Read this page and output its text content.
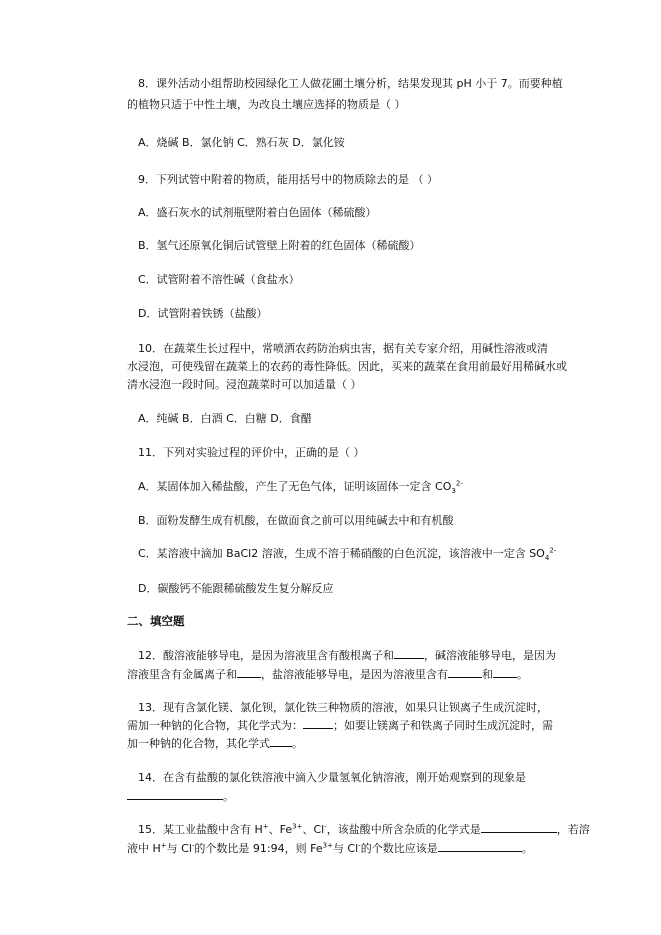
8．课外活动小组帮助校园绿化工人做花圃土壤分析，结果发现其 pH 小于 7。而要种植
的植物只适于中性土壤，为改良土壤应选择的物质是（ ）
A．烧碱 B．氯化钠 C．熟石灰 D．氯化铵
9．下列试管中附着的物质，能用括号中的物质除去的是 （ ）
A．盛石灰水的试剂瓶壁附着白色固体（稀硫酸）
B．氢气还原氧化铜后试管壁上附着的红色固体（稀硫酸）
C．试管附着不溶性碱（食盐水）
D．试管附着铁锈（盐酸）
10．在蔬菜生长过程中，常喷洒农药防治病虫害，据有关专家介绍，用碱性溶液或清
水浸泡，可使残留在蔬菜上的农药的毒性降低。因此，买来的蔬菜在食用前最好用稀碱水或
清水浸泡一段时间。浸泡蔬菜时可以加适量（ ）
A．纯碱 B．白酒 C．白糖 D．食醋
11．下列对实验过程的评价中，正确的是（ ）
A．某固体加入稀盐酸，产生了无色气体，证明该固体一定含 $CO_3^{2-}$
B．面粉发酵生成有机酸，在做面食之前可以用纯碱去中和有机酸
C．某溶液中滴加 BaCl2 溶液，生成不溶于稀硝酸的白色沉淀，该溶液中一定含 $SO_4^{2-}$
D．碳酸钙不能跟稀硫酸发生复分解反应
二、填空题
12．酸溶液能够导电，是因为溶液里含有酸根离子和	，碱溶液能够导电，是因为
溶液里含有金属离子和 ，盐溶液能够导电，是因为溶液里含有	和 。
13．现有含氯化镁、氯化钡，氯化铁三种物质的溶液，如果只让钡离子生成沉淀时，
需加一种钠的化合物，其化学式为：	；如要让镁离子和铁离子同时生成沉淀时，需
加一种钠的化合物，其化学式 。
14．在含有盐酸的氯化铁溶液中滴入少量氢氧化钠溶液，刚开始观察到的现象是
。
15．某工业盐酸中含有 H+、$Fe^{3+}$、Cl-，该盐酸中所含杂质的化学式是	，若溶
液中 H+与 Cl-的个数比是 91:94，则 $Fe^{3+}$与 Cl-的个数比应该是	。
